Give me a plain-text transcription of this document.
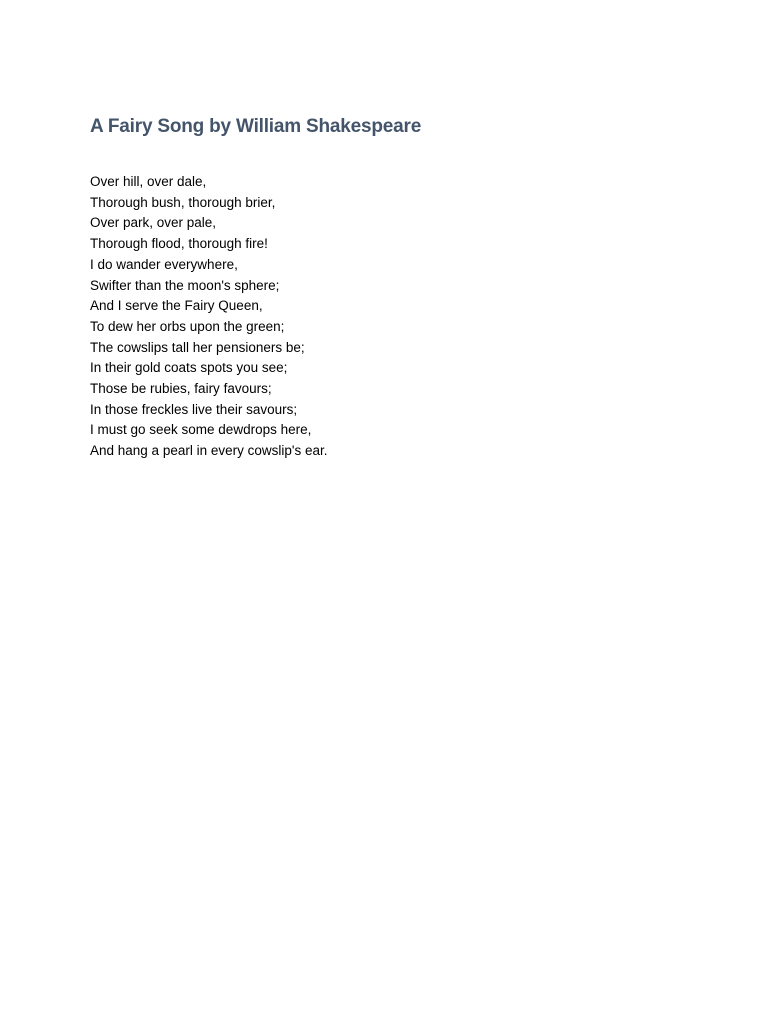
A Fairy Song by William Shakespeare
Over hill, over dale,
Thorough bush, thorough brier,
Over park, over pale,
Thorough flood, thorough fire!
I do wander everywhere,
Swifter than the moon's sphere;
And I serve the Fairy Queen,
To dew her orbs upon the green;
The cowslips tall her pensioners be;
In their gold coats spots you see;
Those be rubies, fairy favours;
In those freckles live their savours;
I must go seek some dewdrops here,
And hang a pearl in every cowslip's ear.
